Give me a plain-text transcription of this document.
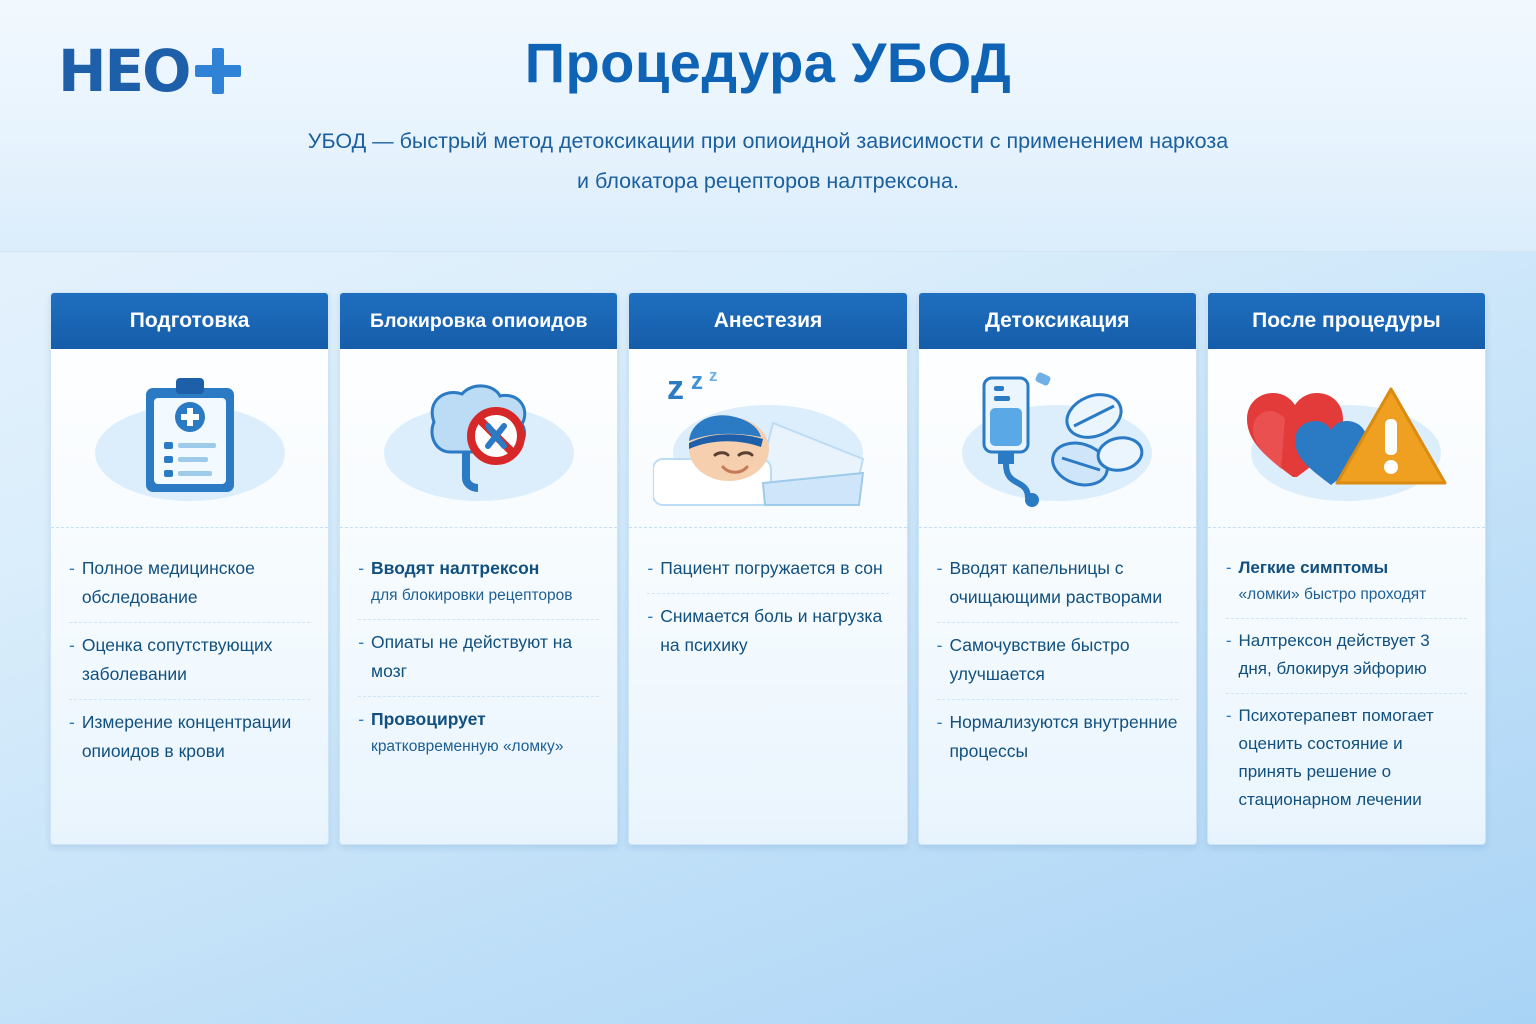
HEO	Процедура УБОД
УБОД — быстрый метод детоксикации при опиоидной зависимости с применением наркоза
и блокатора рецепторов налтрексона.
Подготовка
- Полное медицинское обследование
- Оценка сопутствующих заболевании
- Измерение концентрации опиоидов в крови
Блокировка опиоидов
- Вводят налтрексон
для блокировки рецепторов
- Опиаты не действуют на мозг
- Провоцирует
кратковременную «ломку»
Анестезия
z z z
- Пациент погружается в сон
- Снимается боль и нагрузка на психику
Детоксикация
- Вводят капельницы с очищающими растворами
- Самочувствие быстро улучшается
- Нормализуются внутренние процессы
После процедуры
- Легкие симптомы
«ломки» быстро проходят
- Налтрексон действует 3 дня, блокируя эйфорию
- Психотерапевт помогает оценить состояние и принять решение о стационарном лечении
